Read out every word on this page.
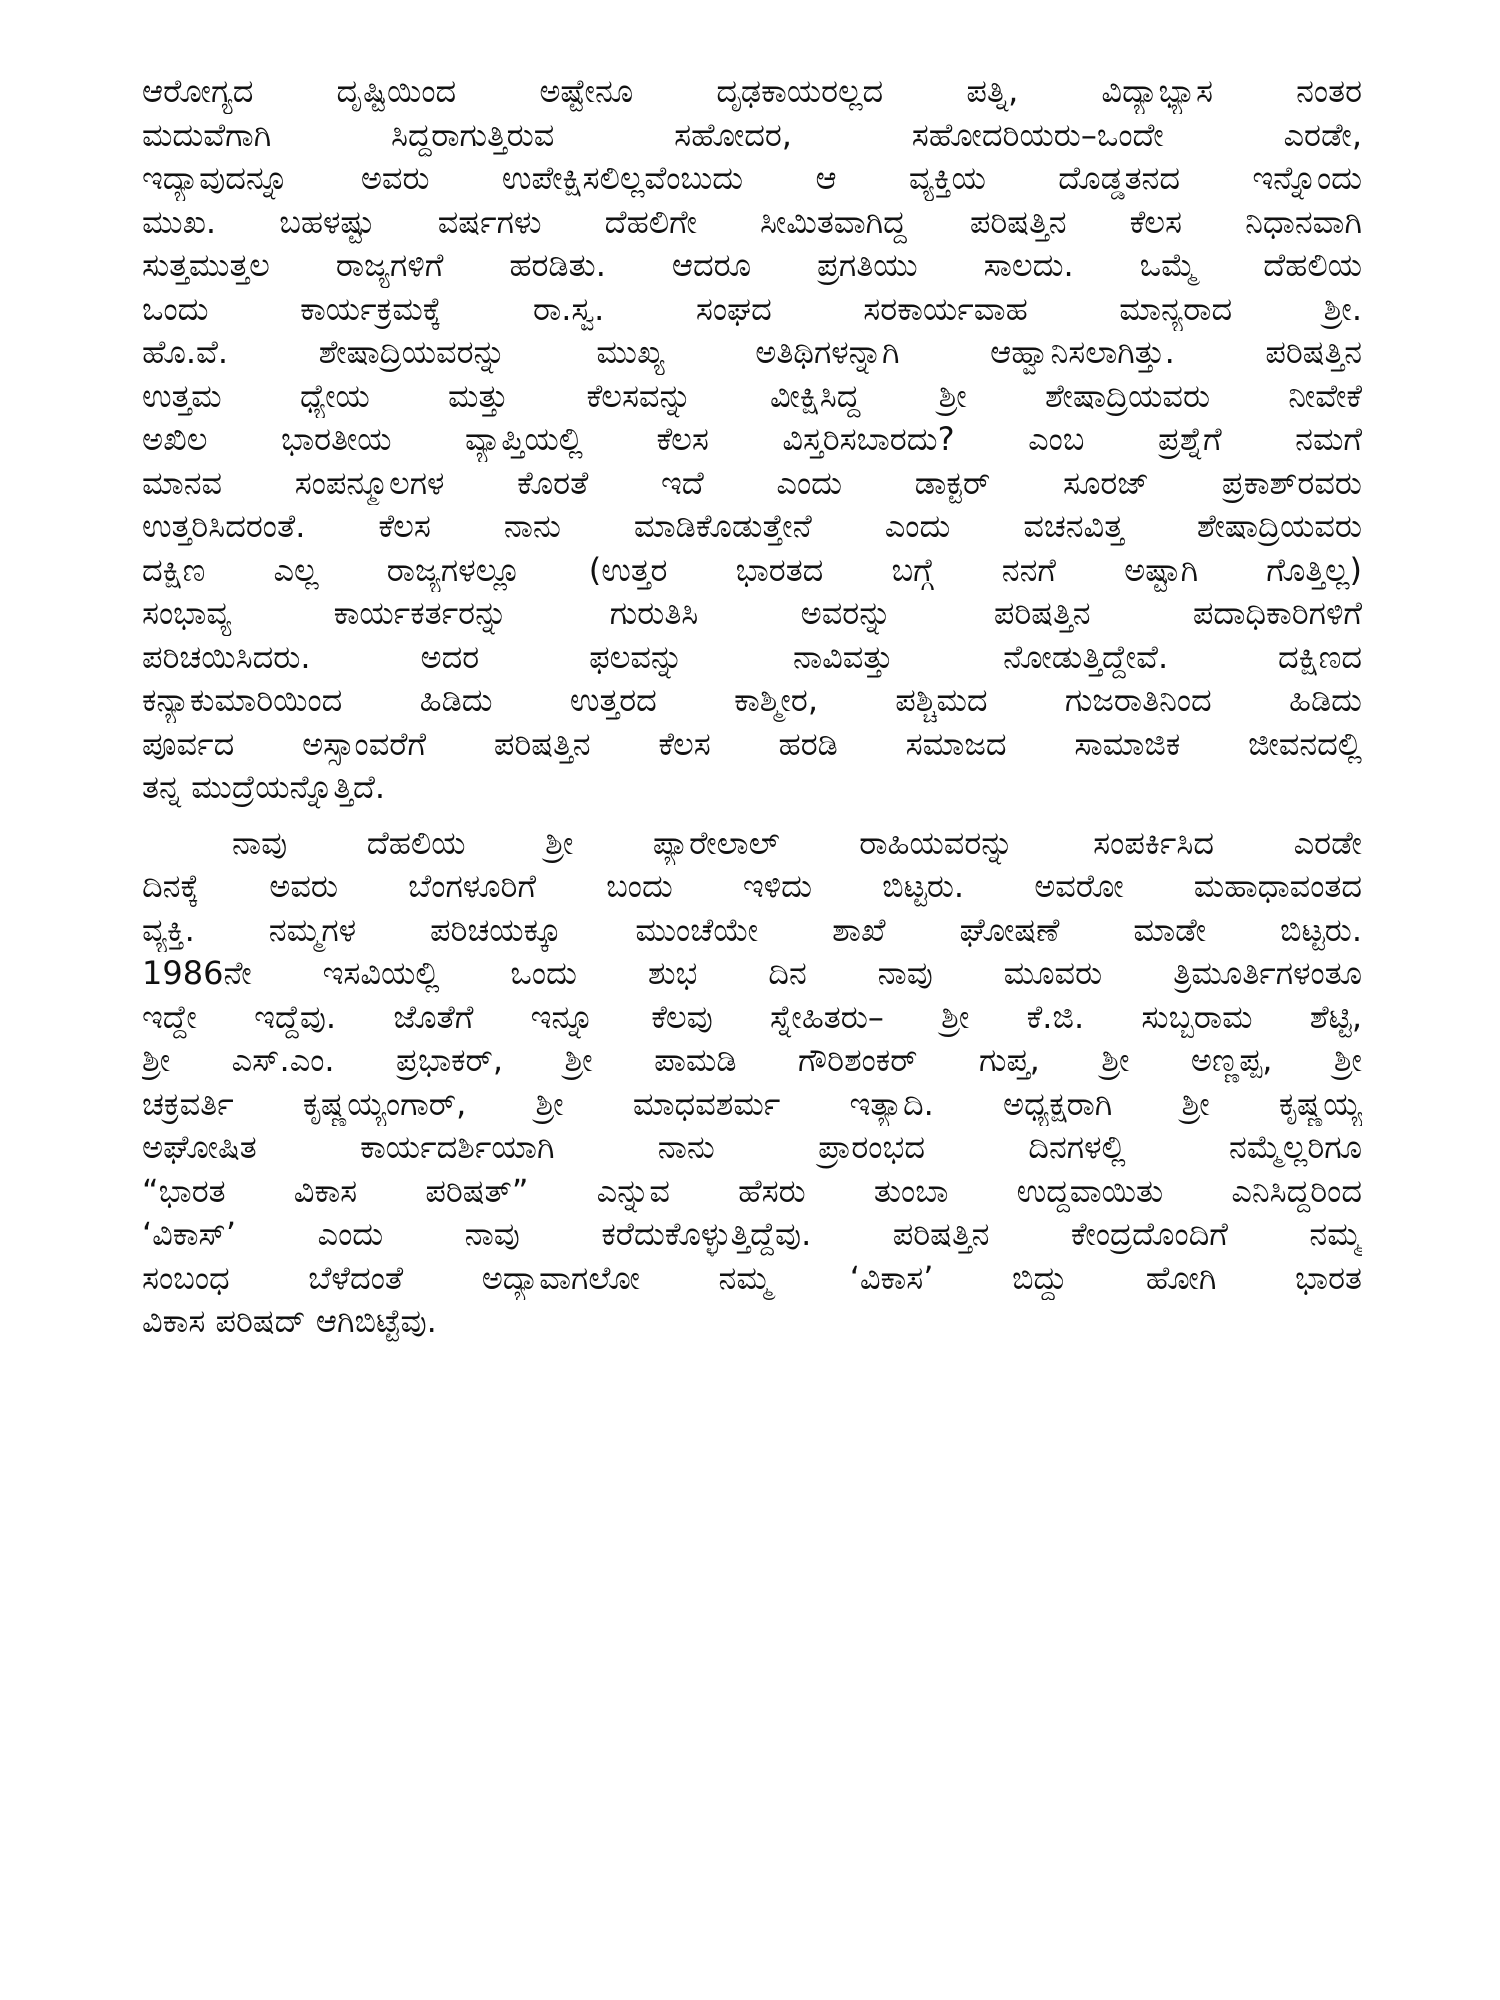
ಆರೋಗ್ಯದ ದೃಷ್ಟಿಯಿಂದ ಅಷ್ಟೇನೂ ದೃಢಕಾಯರಲ್ಲದ ಪತ್ನಿ, ವಿದ್ಯಾಭ್ಯಾಸ ನಂತರ
ಮದುವೆಗಾಗಿ ಸಿದ್ಧರಾಗುತ್ತಿರುವ ಸಹೋದರ, ಸಹೋದರಿಯರು–ಒಂದೇ ಎರಡೇ,
ಇದ್ಯಾವುದನ್ನೂ ಅವರು ಉಪೇಕ್ಷಿಸಲಿಲ್ಲವೆಂಬುದು ಆ ವ್ಯಕ್ತಿಯ ದೊಡ್ಡತನದ ಇನ್ನೊಂದು
ಮುಖ. ಬಹಳಷ್ಟು ವರ್ಷಗಳು ದೆಹಲಿಗೇ ಸೀಮಿತವಾಗಿದ್ದ ಪರಿಷತ್ತಿನ ಕೆಲಸ ನಿಧಾನವಾಗಿ
ಸುತ್ತಮುತ್ತಲ ರಾಜ್ಯಗಳಿಗೆ ಹರಡಿತು. ಆದರೂ ಪ್ರಗತಿಯು ಸಾಲದು. ಒಮ್ಮೆ ದೆಹಲಿಯ
ಒಂದು ಕಾರ್ಯಕ್ರಮಕ್ಕೆ ರಾ.ಸ್ವ. ಸಂಘದ ಸರಕಾರ್ಯವಾಹ ಮಾನ್ಯರಾದ ಶ್ರೀ.
ಹೊ.ವೆ. ಶೇಷಾದ್ರಿಯವರನ್ನು ಮುಖ್ಯ ಅತಿಥಿಗಳನ್ನಾಗಿ ಆಹ್ವಾನಿಸಲಾಗಿತ್ತು. ಪರಿಷತ್ತಿನ
ಉತ್ತಮ ಧ್ಯೇಯ ಮತ್ತು ಕೆಲಸವನ್ನು ವೀಕ್ಷಿಸಿದ್ದ ಶ್ರೀ ಶೇಷಾದ್ರಿಯವರು ನೀವೇಕೆ
ಅಖಿಲ ಭಾರತೀಯ ವ್ಯಾಪ್ತಿಯಲ್ಲಿ ಕೆಲಸ ವಿಸ್ತರಿಸಬಾರದು? ಎಂಬ ಪ್ರಶ್ನೆಗೆ ನಮಗೆ
ಮಾನವ ಸಂಪನ್ಮೂಲಗಳ ಕೊರತೆ ಇದೆ ಎಂದು ಡಾಕ್ಟರ್ ಸೂರಜ್ ಪ್ರಕಾಶ್‌ರವರು
ಉತ್ತರಿಸಿದರಂತೆ. ಕೆಲಸ ನಾನು ಮಾಡಿಕೊಡುತ್ತೇನೆ ಎಂದು ವಚನವಿತ್ತ ಶೇಷಾದ್ರಿಯವರು
ದಕ್ಷಿಣ ಎಲ್ಲ ರಾಜ್ಯಗಳಲ್ಲೂ (ಉತ್ತರ ಭಾರತದ ಬಗ್ಗೆ ನನಗೆ ಅಷ್ಟಾಗಿ ಗೊತ್ತಿಲ್ಲ)
ಸಂಭಾವ್ಯ ಕಾರ್ಯಕರ್ತರನ್ನು ಗುರುತಿಸಿ ಅವರನ್ನು ಪರಿಷತ್ತಿನ ಪದಾಧಿಕಾರಿಗಳಿಗೆ
ಪರಿಚಯಿಸಿದರು. ಅದರ ಫಲವನ್ನು ನಾವಿವತ್ತು ನೋಡುತ್ತಿದ್ದೇವೆ. ದಕ್ಷಿಣದ
ಕನ್ಯಾಕುಮಾರಿಯಿಂದ ಹಿಡಿದು ಉತ್ತರದ ಕಾಶ್ಮೀರ, ಪಶ್ಚಿಮದ ಗುಜರಾತಿನಿಂದ ಹಿಡಿದು
ಪೂರ್ವದ ಅಸ್ಸಾಂವರೆಗೆ ಪರಿಷತ್ತಿನ ಕೆಲಸ ಹರಡಿ ಸಮಾಜದ ಸಾಮಾಜಿಕ ಜೀವನದಲ್ಲಿ
ತನ್ನ ಮುದ್ರೆಯನ್ನೊತ್ತಿದೆ.
ನಾವು ದೆಹಲಿಯ ಶ್ರೀ ಪ್ಯಾರೇಲಾಲ್ ರಾಹಿಯವರನ್ನು ಸಂಪರ್ಕಿಸಿದ ಎರಡೇ
ದಿನಕ್ಕೆ ಅವರು ಬೆಂಗಳೂರಿಗೆ ಬಂದು ಇಳಿದು ಬಿಟ್ಟರು. ಅವರೋ ಮಹಾಧಾವಂತದ
ವ್ಯಕ್ತಿ. ನಮ್ಮಗಳ ಪರಿಚಯಕ್ಕೂ ಮುಂಚೆಯೇ ಶಾಖೆ ಘೋಷಣೆ ಮಾಡೇ ಬಿಟ್ಟರು.
1986ನೇ ಇಸವಿಯಲ್ಲಿ ಒಂದು ಶುಭ ದಿನ ನಾವು ಮೂವರು ತ್ರಿಮೂರ್ತಿಗಳಂತೂ
ಇದ್ದೇ ಇದ್ದೆವು. ಜೊತೆಗೆ ಇನ್ನೂ ಕೆಲವು ಸ್ನೇಹಿತರು– ಶ್ರೀ ಕೆ.ಜಿ. ಸುಬ್ಬರಾಮ ಶೆಟ್ಟಿ,
ಶ್ರೀ ಎಸ್.ಎಂ. ಪ್ರಭಾಕರ್, ಶ್ರೀ ಪಾಮಡಿ ಗೌರಿಶಂಕರ್ ಗುಪ್ತ, ಶ್ರೀ ಅಣ್ಣಪ್ಪ, ಶ್ರೀ
ಚಕ್ರವರ್ತಿ ಕೃಷ್ಣಯ್ಯಂಗಾರ್, ಶ್ರೀ ಮಾಧವಶರ್ಮ ಇತ್ಯಾದಿ. ಅಧ್ಯಕ್ಷರಾಗಿ ಶ್ರೀ ಕೃಷ್ಣಯ್ಯ
ಅಘೋಷಿತ ಕಾರ್ಯದರ್ಶಿಯಾಗಿ ನಾನು ಪ್ರಾರಂಭದ ದಿನಗಳಲ್ಲಿ ನಮ್ಮೆಲ್ಲರಿಗೂ
“ಭಾರತ ವಿಕಾಸ ಪರಿಷತ್” ಎನ್ನುವ ಹೆಸರು ತುಂಬಾ ಉದ್ದವಾಯಿತು ಎನಿಸಿದ್ದರಿಂದ
‘ವಿಕಾಸ್’ ಎಂದು ನಾವು ಕರೆದುಕೊಳ್ಳುತ್ತಿದ್ದೆವು. ಪರಿಷತ್ತಿನ ಕೇಂದ್ರದೊಂದಿಗೆ ನಮ್ಮ
ಸಂಬಂಧ ಬೆಳೆದಂತೆ ಅದ್ಯಾವಾಗಲೋ ನಮ್ಮ ‘ವಿಕಾಸ’ ಬಿದ್ದು ಹೋಗಿ ಭಾರತ
ವಿಕಾಸ ಪರಿಷದ್ ಆಗಿಬಿಟ್ಟೆವು.
